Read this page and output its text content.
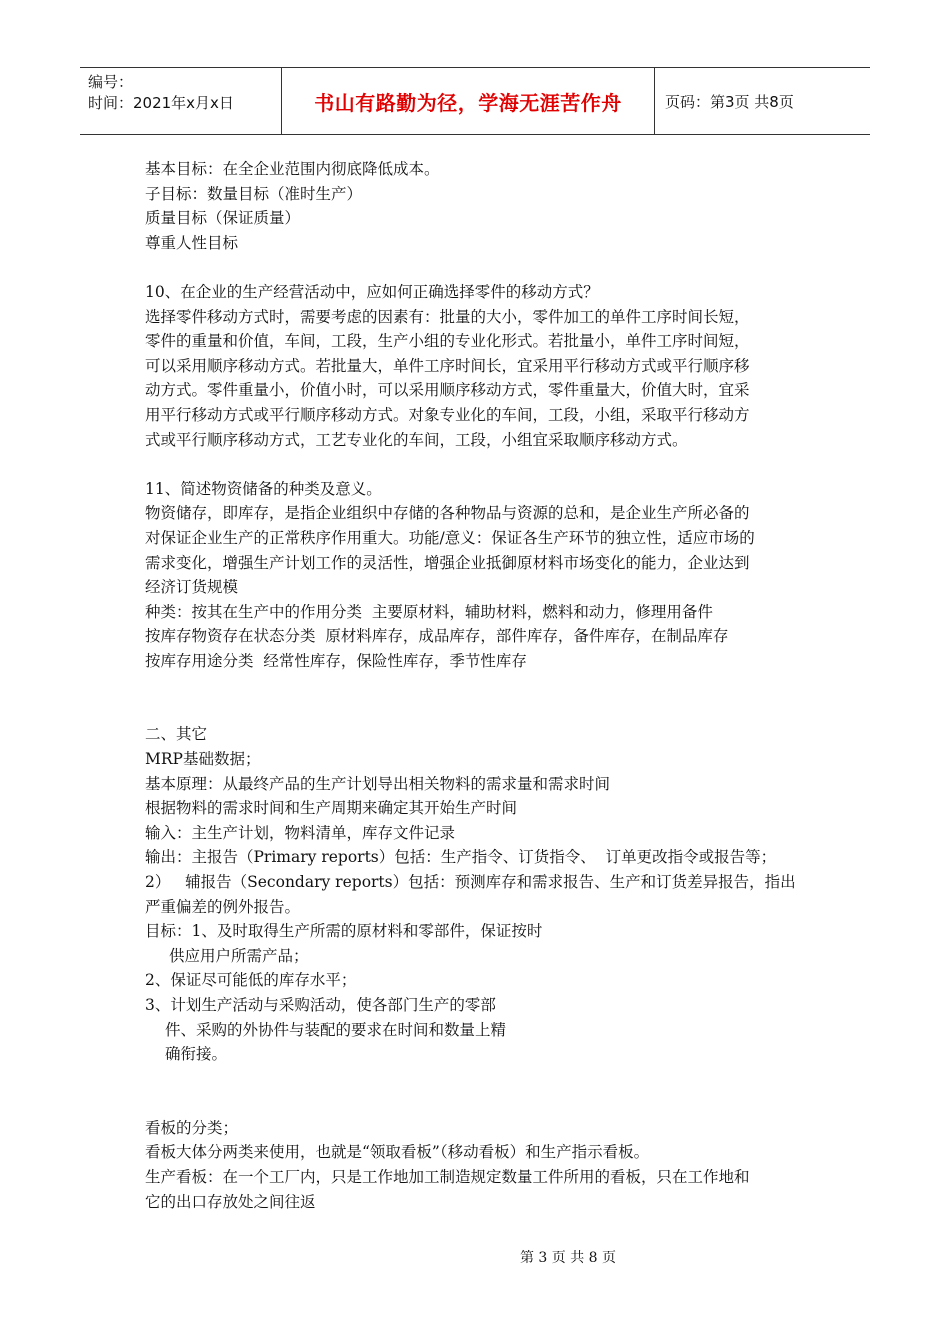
编号：
时间：2021年x月x日	书山有路勤为径，学海无涯苦作舟	页码：第3页 共8页

基本目标：在全企业范围内彻底降低成本。

子目标：数量目标（准时生产）

质量目标（保证质量）

尊重人性目标

10、在企业的生产经营活动中，应如何正确选择零件的移动方式？

选择零件移动方式时，需要考虑的因素有：批量的大小，零件加工的单件工序时间长短，

零件的重量和价值，车间，工段，生产小组的专业化形式。若批量小，单件工序时间短，

可以采用顺序移动方式。若批量大，单件工序时间长，宜采用平行移动方式或平行顺序移

动方式。零件重量小，价值小时，可以采用顺序移动方式，零件重量大，价值大时，宜采

用平行移动方式或平行顺序移动方式。对象专业化的车间，工段，小组，采取平行移动方

式或平行顺序移动方式，工艺专业化的车间，工段，小组宜采取顺序移动方式。

11、简述物资储备的种类及意义。

物资储存，即库存，是指企业组织中存储的各种物品与资源的总和，是企业生产所必备的

对保证企业生产的正常秩序作用重大。功能/意义：保证各生产环节的独立性，适应市场的

需求变化，增强生产计划工作的灵活性，增强企业抵御原材料市场变化的能力，企业达到

经济订货规模

种类：按其在生产中的作用分类  主要原材料，辅助材料，燃料和动力，修理用备件

按库存物资存在状态分类  原材料库存，成品库存，部件库存，备件库存，在制品库存

按库存用途分类  经常性库存，保险性库存，季节性库存

二、其它

MRP基础数据；

基本原理：从最终产品的生产计划导出相关物料的需求量和需求时间

根据物料的需求时间和生产周期来确定其开始生产时间

输入：主生产计划，物料清单，库存文件记录

输出：主报告（Primary reports）包括：生产指令、订货指令、  订单更改指令或报告等；

2）   辅报告（Secondary reports）包括：预测库存和需求报告、生产和订货差异报告，指出

严重偏差的例外报告。

目标：1、及时取得生产所需的原材料和零部件，保证按时

供应用户所需产品；

2、保证尽可能低的库存水平；

3、计划生产活动与采购活动，使各部门生产的零部

件、采购的外协件与装配的要求在时间和数量上精

确衔接。

看板的分类；

看板大体分两类来使用，也就是“领取看板”（移动看板）和生产指示看板。

生产看板：在一个工厂内，只是工作地加工制造规定数量工件所用的看板，只在工作地和

它的出口存放处之间往返

第 3 页 共 8 页
